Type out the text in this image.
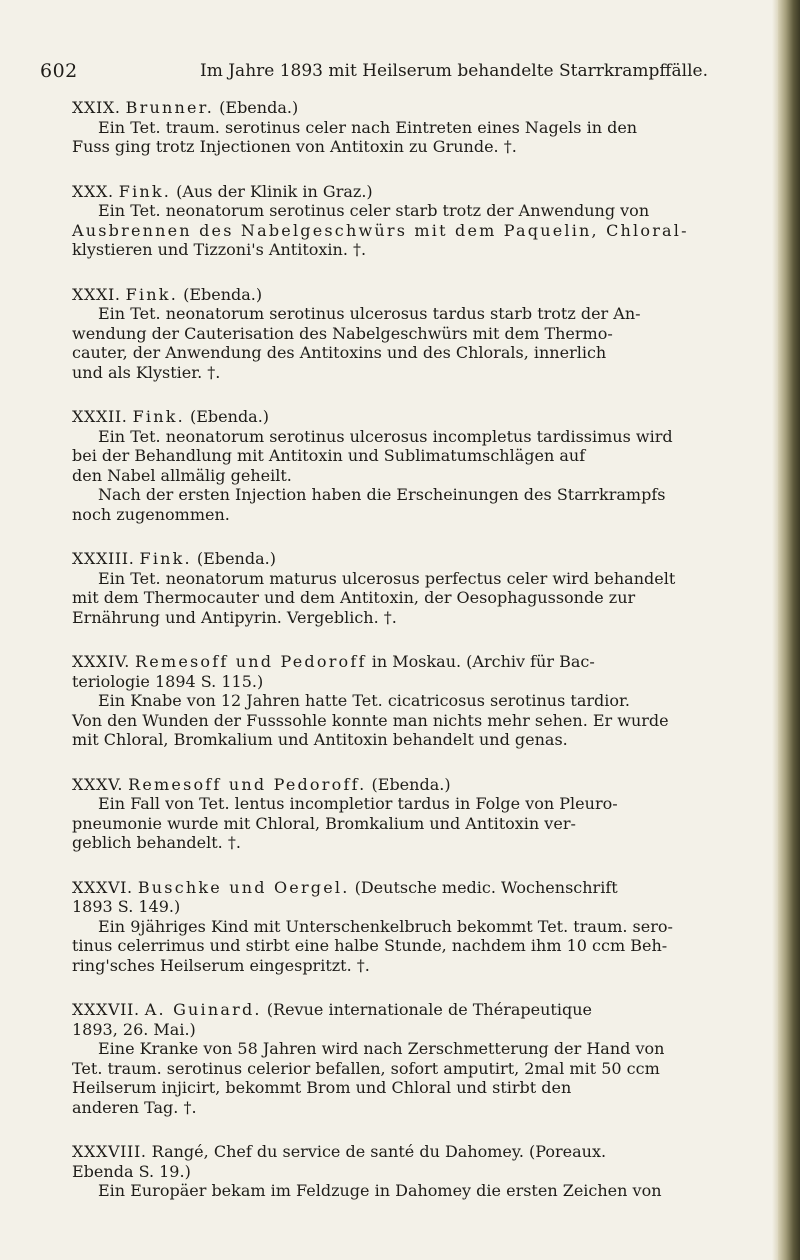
602	Im Jahre 1893 mit Heilserum behandelte Starrkrampffälle.
XXIX. Brunner. (Ebenda.)
Ein Tet. traum. serotinus celer nach Eintreten eines Nagels in den
Fuss ging trotz Injectionen von Antitoxin zu Grunde. †.
XXX. Fink. (Aus der Klinik in Graz.)
Ein Tet. neonatorum serotinus celer starb trotz der Anwendung von
Ausbrennen des Nabelgeschwürs mit dem Paquelin, Chloral-
klystieren und Tizzoni's Antitoxin. †.
XXXI. Fink. (Ebenda.)
Ein Tet. neonatorum serotinus ulcerosus tardus starb trotz der An-
wendung der Cauterisation des Nabelgeschwürs mit dem Thermo-
cauter, der Anwendung des Antitoxins und des Chlorals, innerlich
und als Klystier. †.
XXXII. Fink. (Ebenda.)
Ein Tet. neonatorum serotinus ulcerosus incompletus tardissimus wird
bei der Behandlung mit Antitoxin und Sublimatumschlägen auf
den Nabel allmälig geheilt.
Nach der ersten Injection haben die Erscheinungen des Starrkrampfs
noch zugenommen.
XXXIII. Fink. (Ebenda.)
Ein Tet. neonatorum maturus ulcerosus perfectus celer wird behandelt
mit dem Thermocauter und dem Antitoxin, der Oesophagussonde zur
Ernährung und Antipyrin. Vergeblich. †.
XXXIV. Remesoff und Pedoroff in Moskau. (Archiv für Bac-
teriologie 1894 S. 115.)
Ein Knabe von 12 Jahren hatte Tet. cicatricosus serotinus tardior.
Von den Wunden der Fusssohle konnte man nichts mehr sehen. Er wurde
mit Chloral, Bromkalium und Antitoxin behandelt und genas.
XXXV. Remesoff und Pedoroff. (Ebenda.)
Ein Fall von Tet. lentus incompletior tardus in Folge von Pleuro-
pneumonie wurde mit Chloral, Bromkalium und Antitoxin ver-
geblich behandelt. †.
XXXVI. Buschke und Oergel. (Deutsche medic. Wochenschrift
1893 S. 149.)
Ein 9jähriges Kind mit Unterschenkelbruch bekommt Tet. traum. sero-
tinus celerrimus und stirbt eine halbe Stunde, nachdem ihm 10 ccm Beh-
ring'sches Heilserum eingespritzt. †.
XXXVII. A. Guinard. (Revue internationale de Thérapeutique
1893, 26. Mai.)
Eine Kranke von 58 Jahren wird nach Zerschmetterung der Hand von
Tet. traum. serotinus celerior befallen, sofort amputirt, 2mal mit 50 ccm
Heilserum injicirt, bekommt Brom und Chloral und stirbt den
anderen Tag. †.
XXXVIII. Rangé, Chef du service de santé du Dahomey. (Poreaux.
Ebenda S. 19.)
Ein Europäer bekam im Feldzuge in Dahomey die ersten Zeichen von
